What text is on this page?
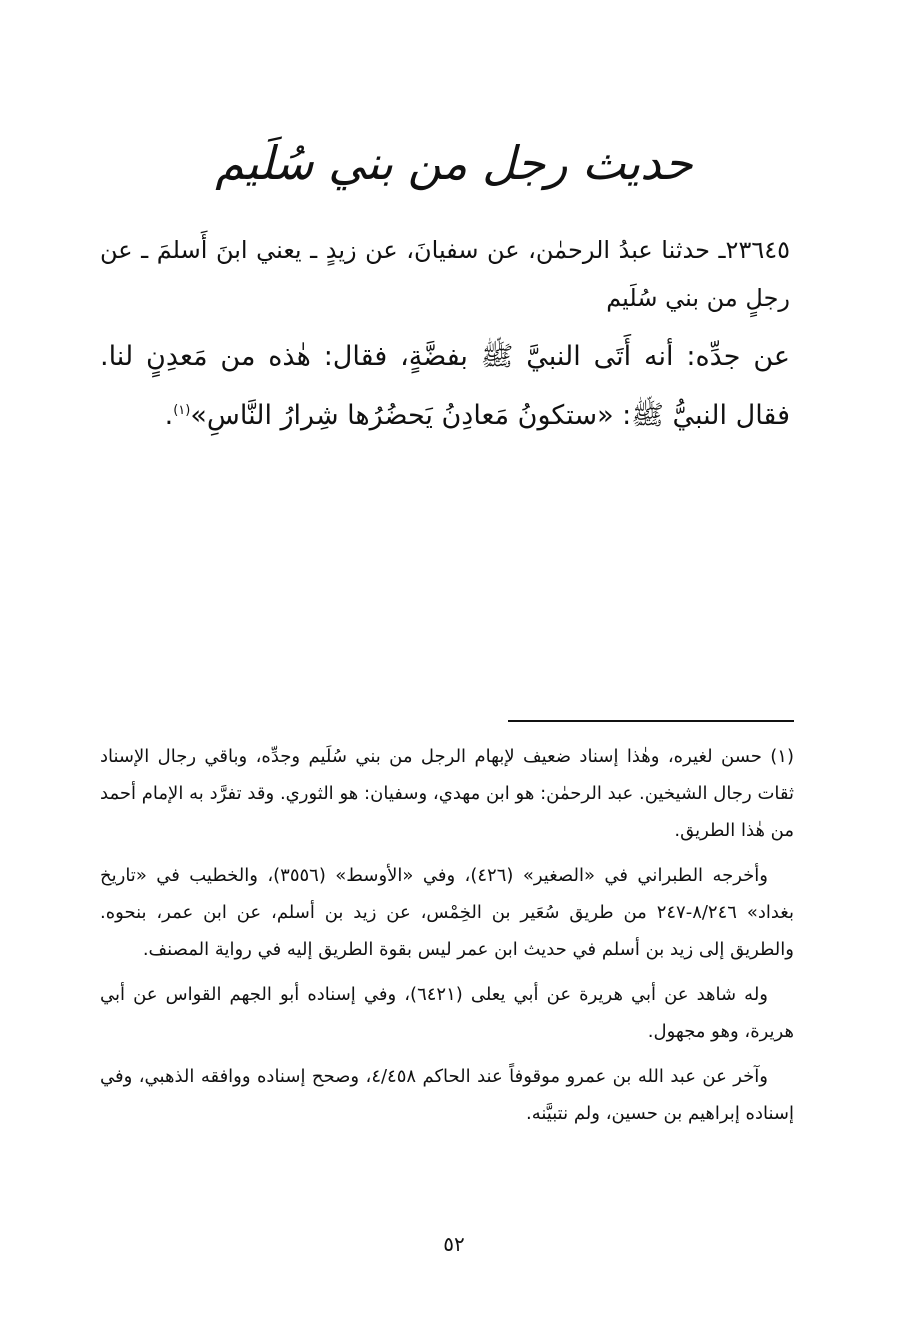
حديث رجل من بني سُلَيم

٢٣٦٤٥ـ حدثنا عبدُ الرحمٰن، عن سفيانَ، عن زيدٍ ـ يعني ابنَ أَسلمَ ـ عن رجلٍ من بني سُلَيم

عن جدِّه: أنه أَتَى النبيَّ ﷺ بفضَّةٍ، فقال: هٰذه من مَعدِنٍ لنا. فقال النبيُّ ﷺ: «ستكونُ مَعادِنُ يَحضُرُها شِرارُ النَّاسِ»$^{(١)}$.

(١) حسن لغيره، وهٰذا إسناد ضعيف لإبهام الرجل من بني سُلَيم وجدِّه، وباقي رجال الإسناد ثقات رجال الشيخين. عبد الرحمٰن: هو ابن مهدي، وسفيان: هو الثوري. وقد تفرَّد به الإمام أحمد من هٰذا الطريق.

وأخرجه الطبراني في «الصغير» (٤٢٦)، وفي «الأوسط» (٣٥٥٦)، والخطيب في «تاريخ بغداد» ٨/٢٤٦-٢٤٧ من طريق سُعَير بن الخِمْس، عن زيد بن أسلم، عن ابن عمر، بنحوه. والطريق إلى زيد بن أسلم في حديث ابن عمر ليس بقوة الطريق إليه في رواية المصنف.

وله شاهد عن أبي هريرة عن أبي يعلى (٦٤٢١)، وفي إسناده أبو الجهم القواس عن أبي هريرة، وهو مجهول.

وآخر عن عبد الله بن عمرو موقوفاً عند الحاكم ٤/٤٥٨، وصحح إسناده ووافقه الذهبي، وفي إسناده إبراهيم بن حسين، ولم نتبيَّنه.

٥٢
